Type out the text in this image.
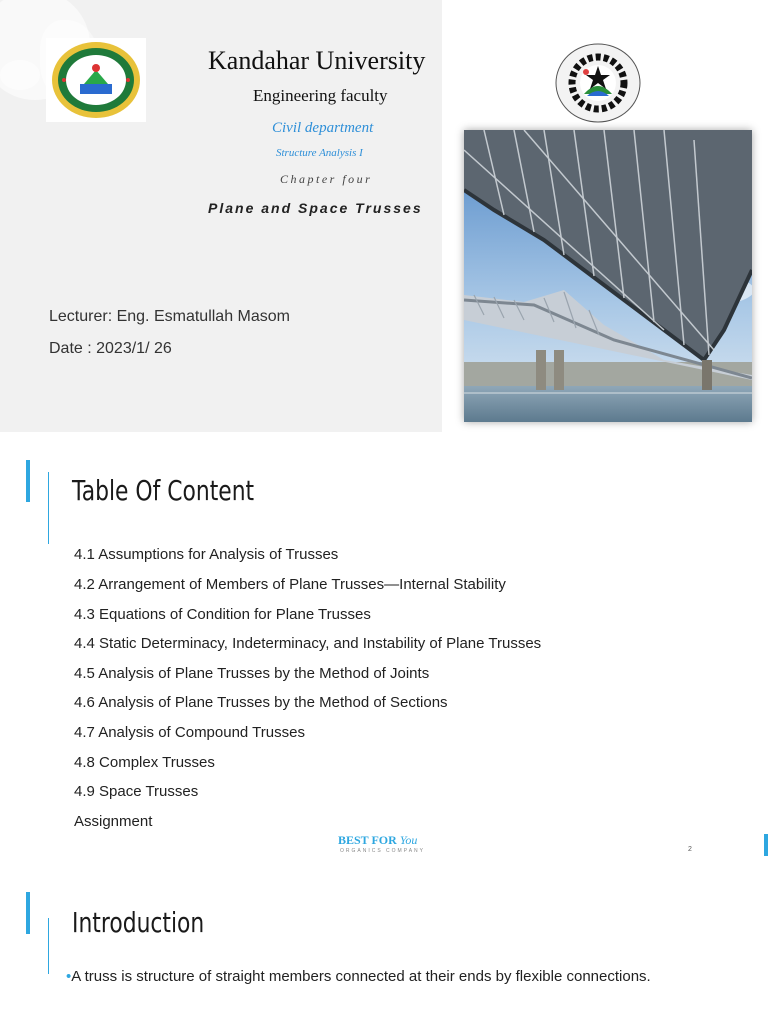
Kandahar University
Engineering faculty
Civil department
Structure Analysis I
Chapter four
Plane and Space Trusses
Lecturer: Eng. Esmatullah Masom
Date : 2023/1/ 26
Table Of Content
4.1 Assumptions for Analysis of Trusses
4.2 Arrangement of Members of Plane Trusses—Internal Stability
4.3 Equations of Condition for Plane Trusses
4.4 Static Determinacy, Indeterminacy, and Instability of Plane Trusses
4.5 Analysis of Plane Trusses by the Method of Joints
4.6 Analysis of Plane Trusses by the Method of Sections
4.7 Analysis of Compound Trusses
4.8 Complex Trusses
4.9 Space Trusses
Assignment
BEST FOR You
ORGANICS COMPANY	2
Introduction
•A truss is structure of straight members connected at their ends by flexible connections.
